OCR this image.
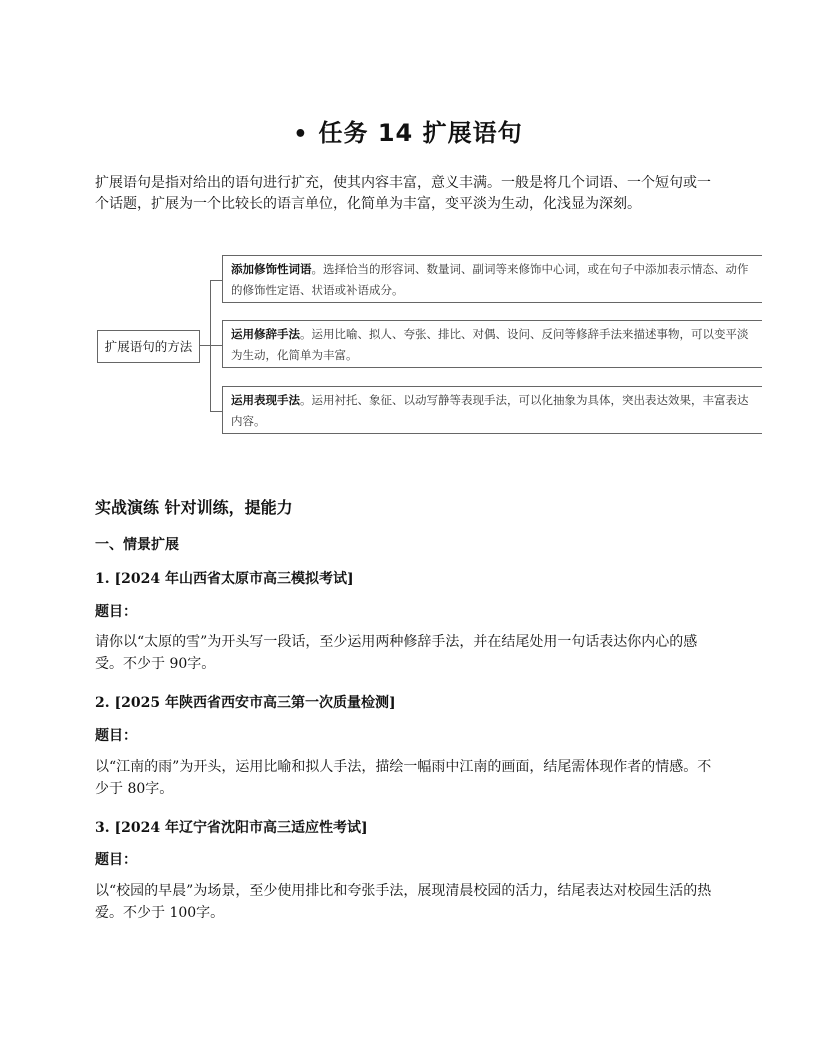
• 任务 14 扩展语句
扩展语句是指对给出的语句进行扩充，使其内容丰富，意义丰满。一般是将几个词语、一个短句或一个话题，扩展为一个比较长的语言单位，化简单为丰富，变平淡为生动，化浅显为深刻。
扩展语句的方法
添加修饰性词语。选择恰当的形容词、数量词、副词等来修饰中心词，或在句子中添加表示情态、动作的修饰性定语、状语或补语成分。
运用修辞手法。运用比喻、拟人、夸张、排比、对偶、设问、反问等修辞手法来描述事物，可以变平淡为生动，化简单为丰富。
运用表现手法。运用衬托、象征、以动写静等表现手法，可以化抽象为具体，突出表达效果，丰富表达内容。
实战演练 针对训练，提能力
一、情景扩展
1. [2024 年山西省太原市高三模拟考试]
题目：
请你以“太原的雪”为开头写一段话，至少运用两种修辞手法，并在结尾处用一句话表达你内心的感受。不少于 90字。
2. [2025 年陕西省西安市高三第一次质量检测]
题目：
以“江南的雨”为开头，运用比喻和拟人手法，描绘一幅雨中江南的画面，结尾需体现作者的情感。不少于 80字。
3. [2024 年辽宁省沈阳市高三适应性考试]
题目：
以“校园的早晨”为场景，至少使用排比和夸张手法，展现清晨校园的活力，结尾表达对校园生活的热爱。不少于 100字。
